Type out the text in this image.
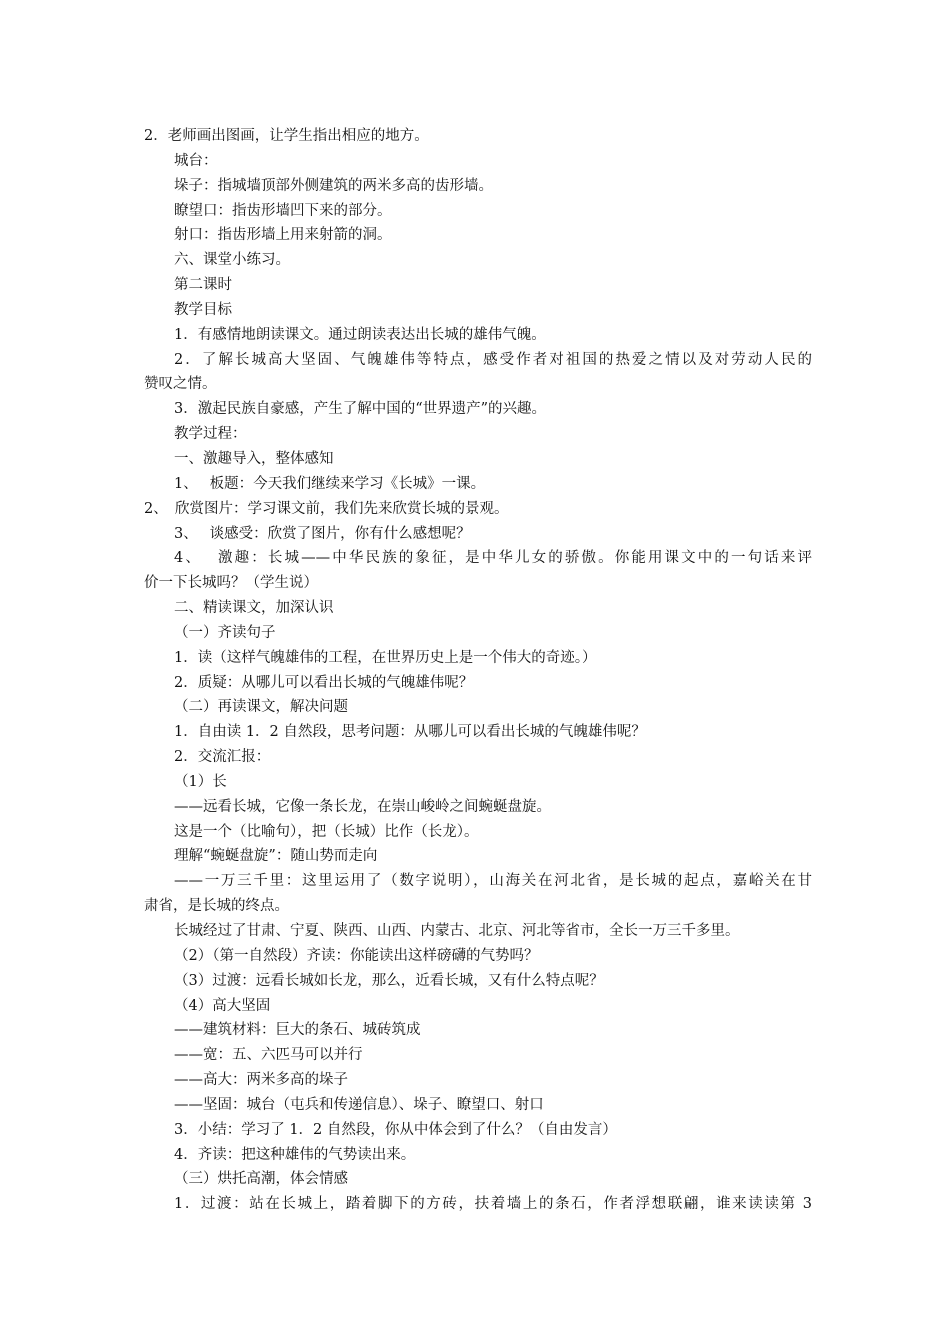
2．老师画出图画，让学生指出相应的地方。
城台：
垛子：指城墙顶部外侧建筑的两米多高的齿形墙。
瞭望口：指齿形墙凹下来的部分。
射口：指齿形墙上用来射箭的洞。
六、课堂小练习。
第二课时
教学目标
1．有感情地朗读课文。通过朗读表达出长城的雄伟气魄。
2．了解长城高大坚固、气魄雄伟等特点，感受作者对祖国的热爱之情以及对劳动人民的
赞叹之情。
3．激起民族自豪感，产生了解中国的“世界遗产”的兴趣。
教学过程：
一、激趣导入，整体感知
1、　 板题：今天我们继续来学习《长城》一课。
2、　欣赏图片：学习课文前，我们先来欣赏长城的景观。
3、　 谈感受：欣赏了图片，你有什么感想呢？
4、　 激趣：长城——中华民族的象征，是中华儿女的骄傲。你能用课文中的一句话来评
价一下长城吗？（学生说）
二、精读课文，加深认识
（一）齐读句子
1．读（这样气魄雄伟的工程，在世界历史上是一个伟大的奇迹。）
2．质疑：从哪儿可以看出长城的气魄雄伟呢？
（二）再读课文，解决问题
1．自由读 1．2 自然段，思考问题：从哪儿可以看出长城的气魄雄伟呢？
2．交流汇报：
（1）长
——远看长城，它像一条长龙，在崇山峻岭之间蜿蜒盘旋。
这是一个（比喻句），把（长城）比作（长龙）。
理解“蜿蜒盘旋”：随山势而走向
——一万三千里：这里运用了（数字说明），山海关在河北省，是长城的起点，嘉峪关在甘
肃省，是长城的终点。
长城经过了甘肃、宁夏、陕西、山西、内蒙古、北京、河北等省市，全长一万三千多里。
（2）（第一自然段）齐读：你能读出这样磅礴的气势吗？
（3）过渡：远看长城如长龙，那么，近看长城，又有什么特点呢？
（4）高大坚固
——建筑材料：巨大的条石、城砖筑成
——宽：五、六匹马可以并行
——高大：两米多高的垛子
——坚固：城台（屯兵和传递信息）、垛子、瞭望口、射口
3．小结：学习了 1．2 自然段，你从中体会到了什么？（自由发言）
4．齐读：把这种雄伟的气势读出来。
（三）烘托高潮，体会情感
1．过渡：站在长城上，踏着脚下的方砖，扶着墙上的条石，作者浮想联翩，谁来读读第 3
